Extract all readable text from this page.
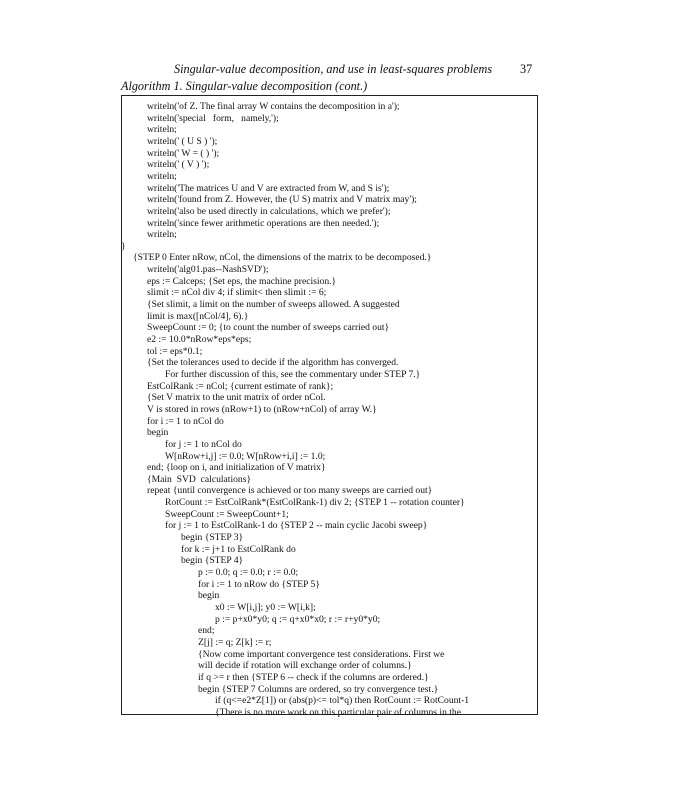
Singular-value decomposition, and use in least-squares problems 37
Algorithm 1. Singular-value decomposition (cont.)
writeln('of Z. The final array W contains the decomposition in a');
writeln('special   form,   namely,');
writeln;
writeln(' ( U S ) ');
writeln(' W = ( ) ');
writeln(' ( V ) ');
writeln;
writeln('The matrices U and V are extracted from W, and S is');
writeln('found from Z. However, the (U S) matrix and V matrix may');
writeln('also be used directly in calculations, which we prefer');
writeln('since fewer arithmetic operations are then needed.');
writeln;
}
{STEP 0 Enter nRow, nCol, the dimensions of the matrix to be decomposed.}
writeln('alg01.pas--NashSVD');
eps := Calceps; {Set eps, the machine precision.}
slimit := nCol div 4; if slimit< then slimit := 6;
{Set slimit, a limit on the number of sweeps allowed. A suggested
limit is max([nCol/4], 6).}
SweepCount := 0; {to count the number of sweeps carried out}
e2 := 10.0*nRow*eps*eps;
tol := eps*0.1;
{Set the tolerances used to decide if the algorithm has converged.
For further discussion of this, see the commentary under STEP 7.}
EstColRank := nCol; {current estimate of rank};
{Set V matrix to the unit matrix of order nCol.
V is stored in rows (nRow+1) to (nRow+nCol) of array W.}
for i := 1 to nCol do
begin
for j := 1 to nCol do
W[nRow+i,j] := 0.0; W[nRow+i,i] := 1.0;
end; {loop on i, and initialization of V matrix}
{Main  SVD  calculations}
repeat {until convergence is achieved or too many sweeps are carried out}
RotCount := EstColRank*(EstColRank-1) div 2; {STEP 1 -- rotation counter}
SweepCount := SweepCount+1;
for j := 1 to EstColRank-1 do {STEP 2 -- main cyclic Jacobi sweep}
begin {STEP 3}
for k := j+1 to EstColRank do
begin {STEP 4}
p := 0.0; q := 0.0; r := 0.0;
for i := 1 to nRow do {STEP 5}
begin
x0 := W[i,j]; y0 := W[i,k];
p := p+x0*y0; q := q+x0*x0; r := r+y0*y0;
end;
Z[j] := q; Z[k] := r;
{Now come important convergence test considerations. First we
will decide if rotation will exchange order of columns.}
if q >= r then {STEP 6 -- check if the columns are ordered.}
begin {STEP 7 Columns are ordered, so try convergence test.}
if (q<=e2*Z[1]) or (abs(p)<= tol*q) then RotCount := RotCount-1
{There is no more work on this particular pair of columns in the
